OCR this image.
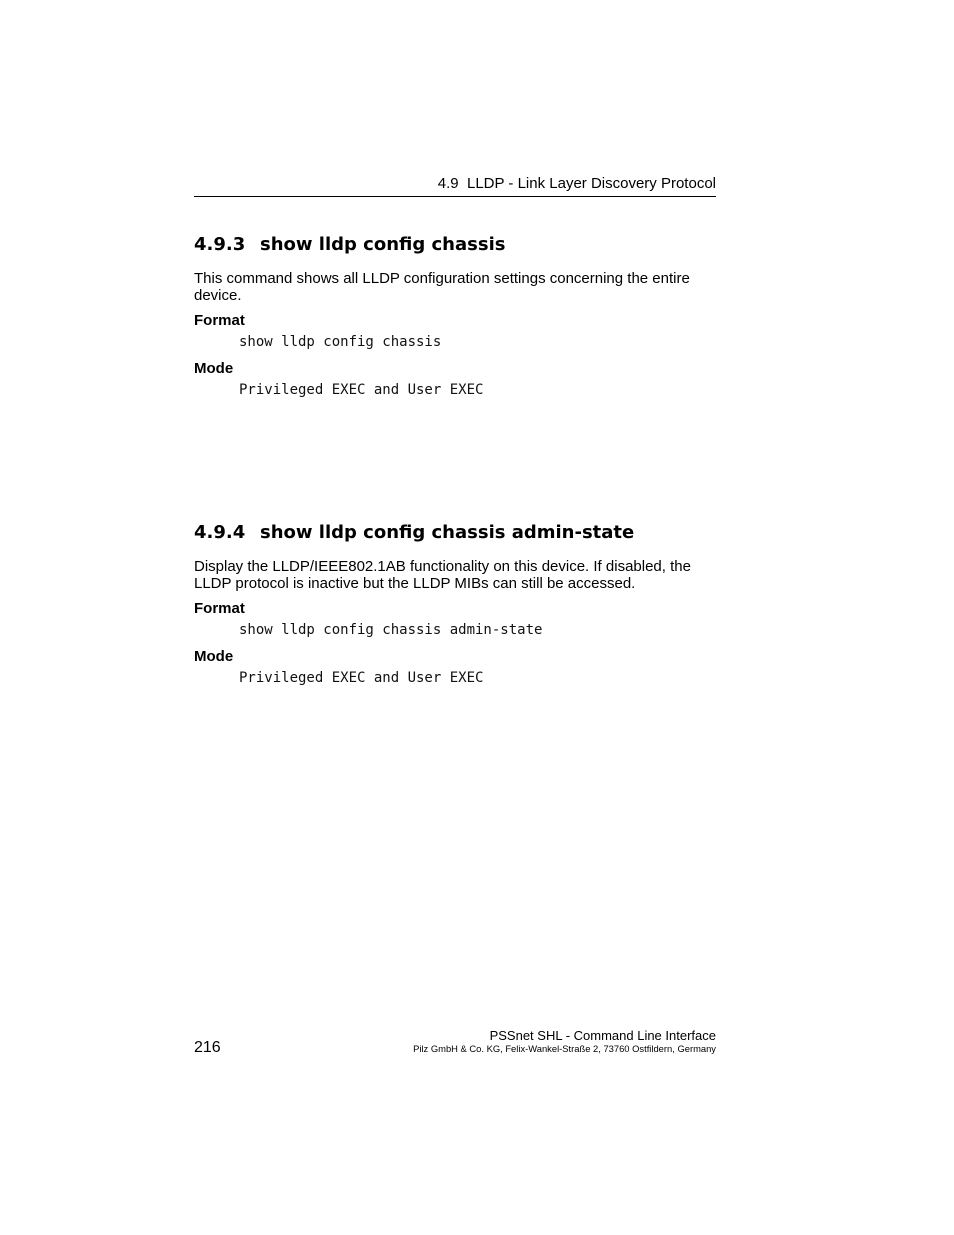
4.9 LLDP - Link Layer Discovery Protocol
4.9.3 show lldp config chassis

This command shows all LLDP configuration settings concerning the entire
device.

Format

show lldp config chassis

Mode

Privileged EXEC and User EXEC

4.9.4 show lldp config chassis admin-state

Display the LLDP/IEEE802.1AB functionality on this device. If disabled, the
LLDP protocol is inactive but the LLDP MIBs can still be accessed.

Format

show lldp config chassis admin-state

Mode

Privileged EXEC and User EXEC

216
PSSnet SHL - Command Line Interface
Pilz GmbH & Co. KG, Felix-Wankel-Straße 2, 73760 Ostfildern, Germany
